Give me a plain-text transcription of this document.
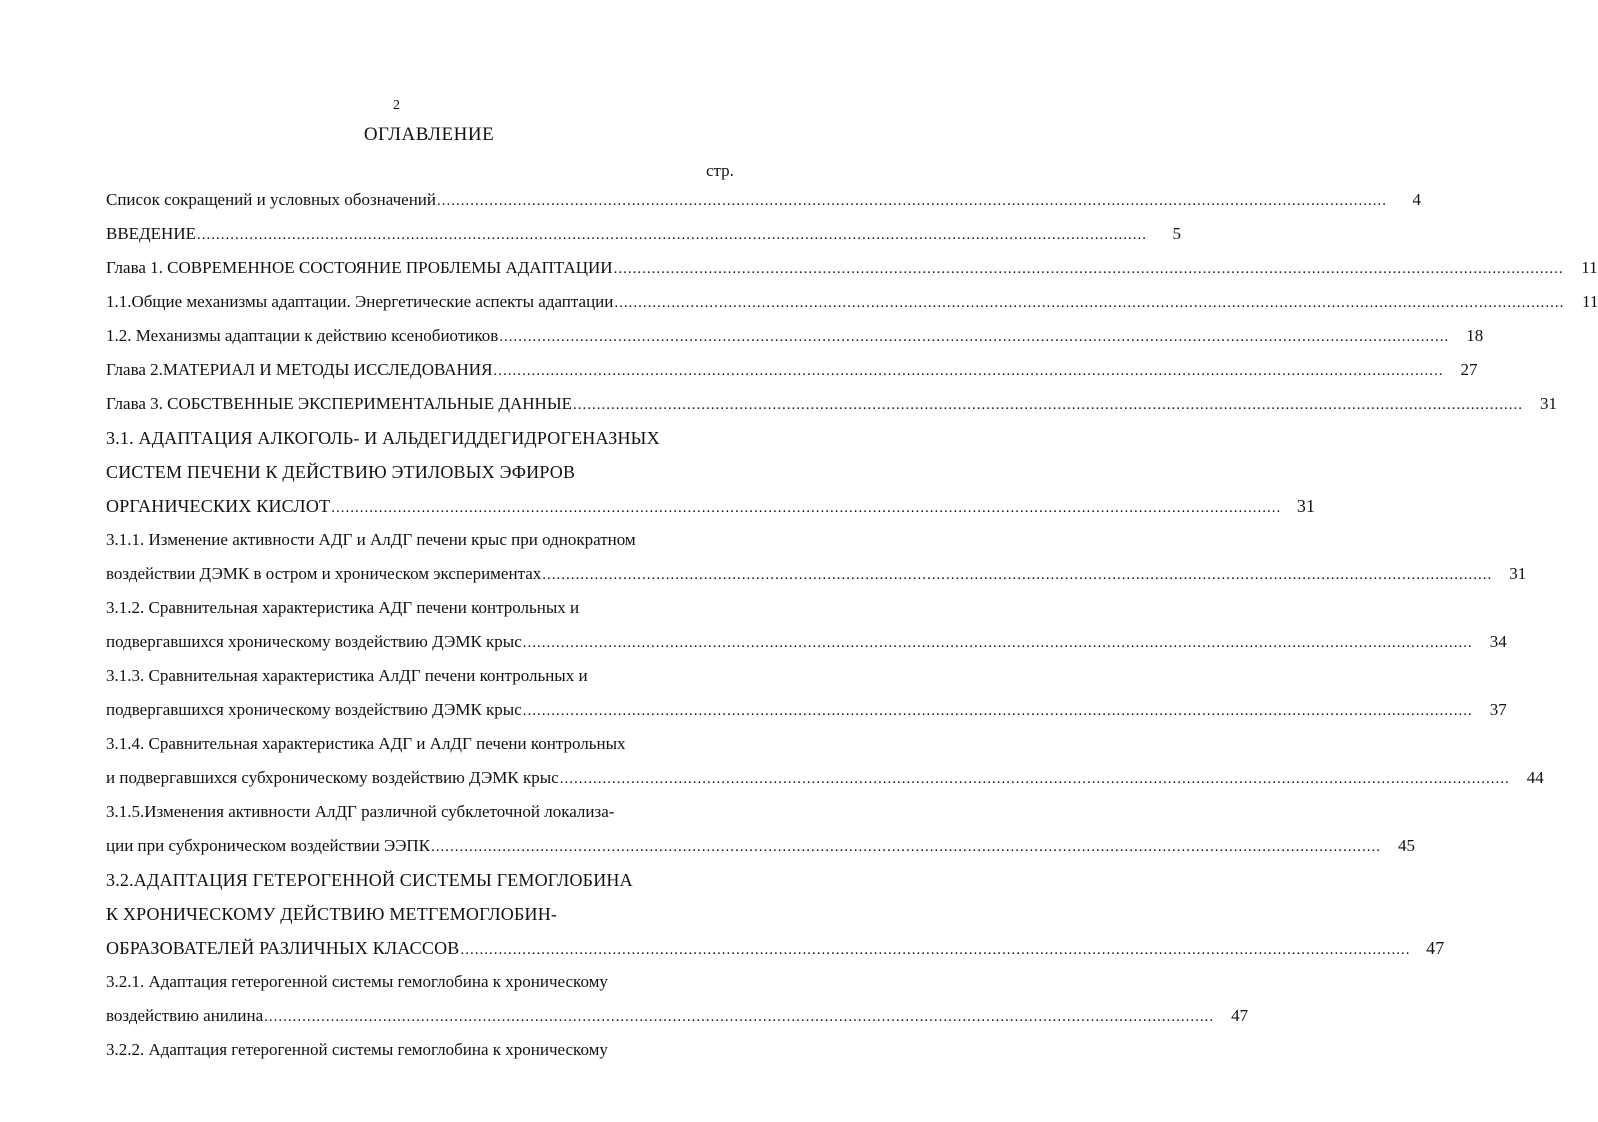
2
ОГЛАВЛЕНИЕ
стр.
Список сокращений и условных обозначений ........................................................................................................................................................................................................	4
ВВЕДЕНИЕ ........................................................................................................................................................................................................	5
Глава 1. СОВРЕМЕННОЕ СОСТОЯНИЕ ПРОБЛЕМЫ АДАПТАЦИИ ........................................................................................................................................................................................................	11
1.1.Общие механизмы адаптации. Энергетические аспекты адаптации ........................................................................................................................................................................................................	11
1.2. Механизмы адаптации к действию ксенобиотиков ........................................................................................................................................................................................................	18
Глава 2.МАТЕРИАЛ И МЕТОДЫ ИССЛЕДОВАНИЯ ........................................................................................................................................................................................................	27
Глава 3. СОБСТВЕННЫЕ ЭКСПЕРИМЕНТАЛЬНЫЕ ДАННЫЕ ........................................................................................................................................................................................................	31
3.1. АДАПТАЦИЯ АЛКОГОЛЬ- И АЛЬДЕГИДДЕГИДРОГЕНАЗНЫХ
СИСТЕМ ПЕЧЕНИ К ДЕЙСТВИЮ ЭТИЛОВЫХ ЭФИРОВ
ОРГАНИЧЕСКИХ КИСЛОТ ........................................................................................................................................................................................................ 31
3.1.1. Изменение активности АДГ и АлДГ печени крыс при однократном
воздействии ДЭМК в остром и хроническом экспериментах ........................................................................................................................................................................................................	31
3.1.2. Сравнительная характеристика АДГ печени контрольных и
подвергавшихся хроническому воздействию ДЭМК крыс ........................................................................................................................................................................................................	34
3.1.3. Сравнительная характеристика АлДГ печени контрольных и
подвергавшихся хроническому воздействию ДЭМК крыс ........................................................................................................................................................................................................	37
3.1.4. Сравнительная характеристика АДГ и АлДГ печени контрольных
и подвергавшихся субхроническому воздействию ДЭМК крыс ........................................................................................................................................................................................................	44
3.1.5.Изменения активности АлДГ различной субклеточной локализа-
ции при субхроническом воздействии ЭЭПК ........................................................................................................................................................................................................	45
3.2.АДАПТАЦИЯ ГЕТЕРОГЕННОЙ СИСТЕМЫ ГЕМОГЛОБИНА
К ХРОНИЧЕСКОМУ ДЕЙСТВИЮ МЕТГЕМОГЛОБИН-
ОБРАЗОВАТЕЛЕЙ РАЗЛИЧНЫХ КЛАССОВ ........................................................................................................................................................................................................ 47
3.2.1. Адаптация гетерогенной системы гемоглобина к хроническому
воздействию анилина ........................................................................................................................................................................................................	47
3.2.2. Адаптация гетерогенной системы гемоглобина к хроническому
